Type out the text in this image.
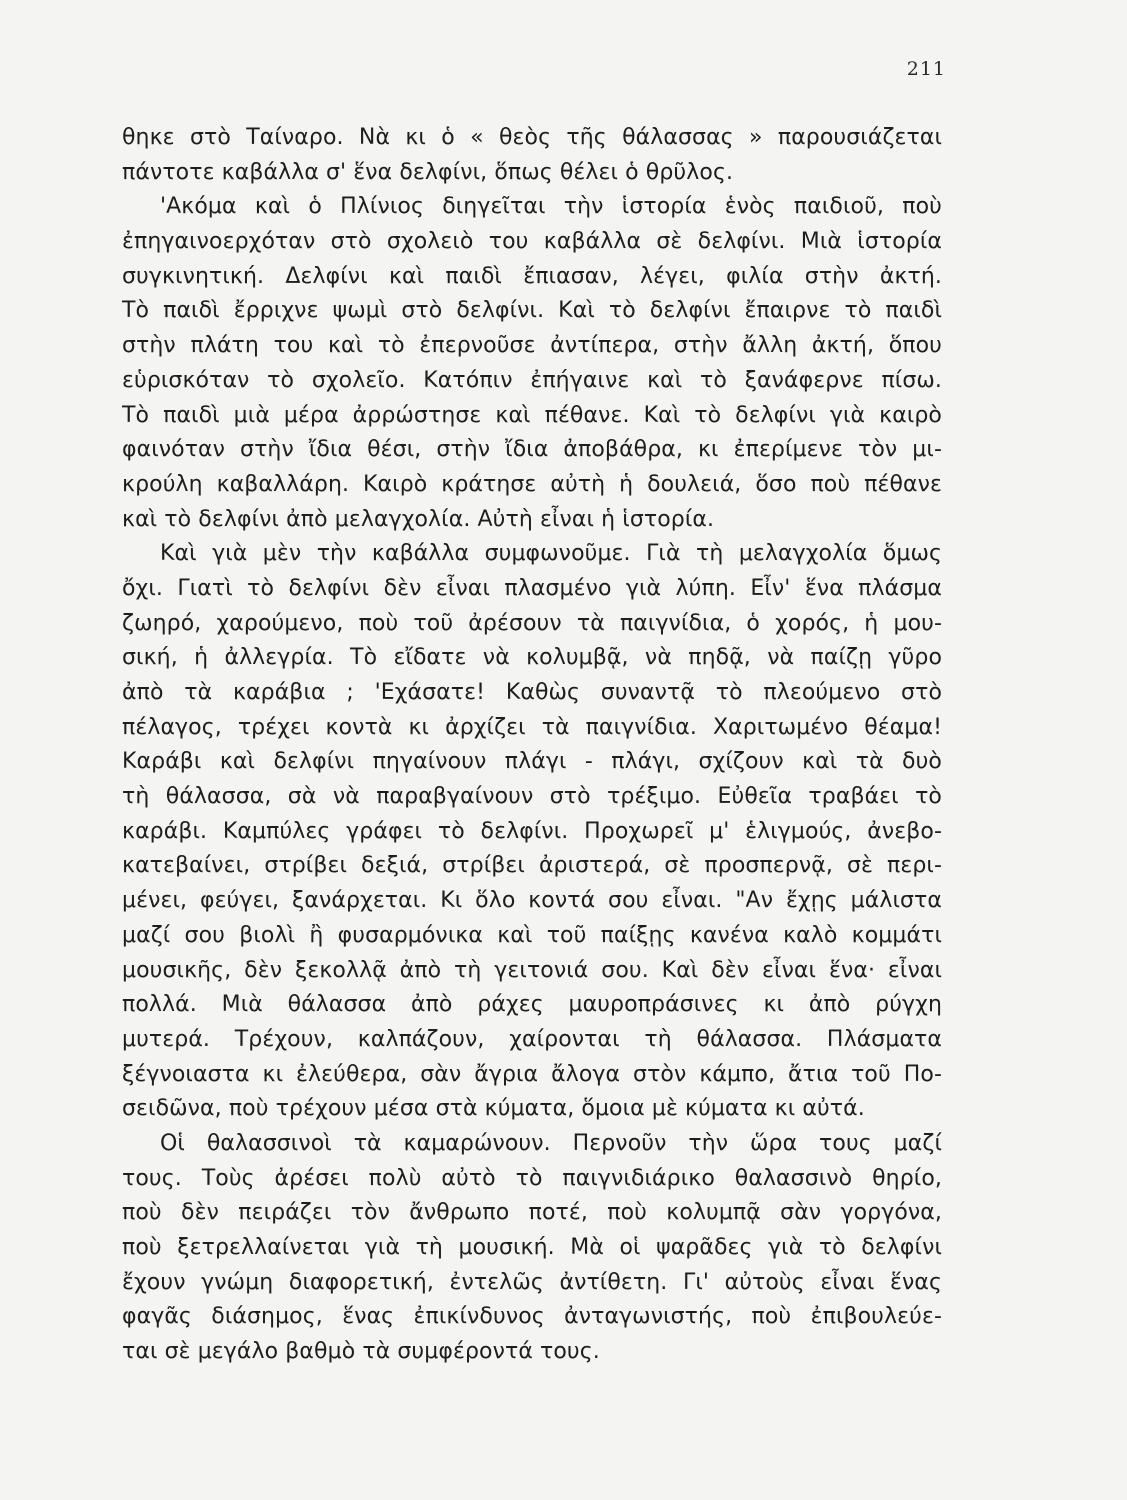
211
θηκε στὸ Ταίναρο. Νὰ κι ὁ « θεὸς τῆς θάλασσας » παρουσιάζεται
πάντοτε καβάλλα σ' ἕνα δελφίνι, ὅπως θέλει ὁ θρῦλος.
'Ακόμα καὶ ὁ Πλίνιος διηγεῖται τὴν ἱστορία ἑνὸς παιδιοῦ, ποὺ
ἐπηγαινοερχόταν στὸ σχολειὸ του καβάλλα σὲ δελφίνι. Μιὰ ἱστορία
συγκινητική. Δελφίνι καὶ παιδὶ ἔπιασαν, λέγει, φιλία στὴν ἀκτή.
Τὸ παιδὶ ἔρριχνε ψωμὶ στὸ δελφίνι. Καὶ τὸ δελφίνι ἔπαιρνε τὸ παιδὶ
στὴν πλάτη του καὶ τὸ ἐπερνοῦσε ἀντίπερα, στὴν ἄλλη ἀκτή, ὅπου
εὑρισκόταν τὸ σχολεῖο. Κατόπιν ἐπήγαινε καὶ τὸ ξανάφερνε πίσω.
Τὸ παιδὶ μιὰ μέρα ἀρρώστησε καὶ πέθανε. Καὶ τὸ δελφίνι γιὰ καιρὸ
φαινόταν στὴν ἴδια θέσι, στὴν ἴδια ἀποβάθρα, κι ἐπερίμενε τὸν μι-
κρούλη καβαλλάρη. Καιρὸ κράτησε αὐτὴ ἡ δουλειά, ὅσο ποὺ πέθανε
καὶ τὸ δελφίνι ἀπὸ μελαγχολία. Αὐτὴ εἶναι ἡ ἱστορία.
Καὶ γιὰ μὲν τὴν καβάλλα συμφωνοῦμε. Γιὰ τὴ μελαγχολία ὅμως
ὄχι. Γιατὶ τὸ δελφίνι δὲν εἶναι πλασμένο γιὰ λύπη. Εἶν' ἕνα πλάσμα
ζωηρό, χαρούμενο, ποὺ τοῦ ἀρέσουν τὰ παιγνίδια, ὁ χορός, ἡ μου-
σική, ἡ ἀλλεγρία. Τὸ εἴδατε νὰ κολυμβᾷ, νὰ πηδᾷ, νὰ παίζῃ γῦρο
ἀπὸ τὰ καράβια ; 'Εχάσατε! Καθὼς συναντᾷ τὸ πλεούμενο στὸ
πέλαγος, τρέχει κοντὰ κι ἀρχίζει τὰ παιγνίδια. Χαριτωμένο θέαμα!
Καράβι καὶ δελφίνι πηγαίνουν πλάγι - πλάγι, σχίζουν καὶ τὰ δυὸ
τὴ θάλασσα, σὰ νὰ παραβγαίνουν στὸ τρέξιμο. Εὐθεῖα τραβάει τὸ
καράβι. Καμπύλες γράφει τὸ δελφίνι. Προχωρεῖ μ' ἑλιγμούς, ἀνεβο-
κατεβαίνει, στρίβει δεξιά, στρίβει ἀριστερά, σὲ προσπερνᾷ, σὲ περι-
μένει, φεύγει, ξανάρχεται. Κι ὅλο κοντά σου εἶναι. "Αν ἔχῃς μάλιστα
μαζί σου βιολὶ ἢ φυσαρμόνικα καὶ τοῦ παίξῃς κανένα καλὸ κομμάτι
μουσικῆς, δὲν ξεκολλᾷ ἀπὸ τὴ γειτονιά σου. Καὶ δὲν εἶναι ἕνα· εἶναι
πολλά. Μιὰ θάλασσα ἀπὸ ράχες μαυροπράσινες κι ἀπὸ ρύγχη
μυτερά. Τρέχουν, καλπάζουν, χαίρονται τὴ θάλασσα. Πλάσματα
ξέγνοιαστα κι ἐλεύθερα, σὰν ἄγρια ἄλογα στὸν κάμπο, ἄτια τοῦ Πο-
σειδῶνα, ποὺ τρέχουν μέσα στὰ κύματα, ὅμοια μὲ κύματα κι αὐτά.
Οἱ θαλασσινοὶ τὰ καμαρώνουν. Περνοῦν τὴν ὥρα τους μαζί
τους. Τοὺς ἀρέσει πολὺ αὐτὸ τὸ παιγνιδιάρικο θαλασσινὸ θηρίο,
ποὺ δὲν πειράζει τὸν ἄνθρωπο ποτέ, ποὺ κολυμπᾷ σὰν γοργόνα,
ποὺ ξετρελλαίνεται γιὰ τὴ μουσική. Μὰ οἱ ψαρᾶδες γιὰ τὸ δελφίνι
ἔχουν γνώμη διαφορετική, ἐντελῶς ἀντίθετη. Γι' αὐτοὺς εἶναι ἕνας
φαγᾶς διάσημος, ἕνας ἐπικίνδυνος ἀνταγωνιστής, ποὺ ἐπιβουλεύε-
ται σὲ μεγάλο βαθμὸ τὰ συμφέροντά τους.
